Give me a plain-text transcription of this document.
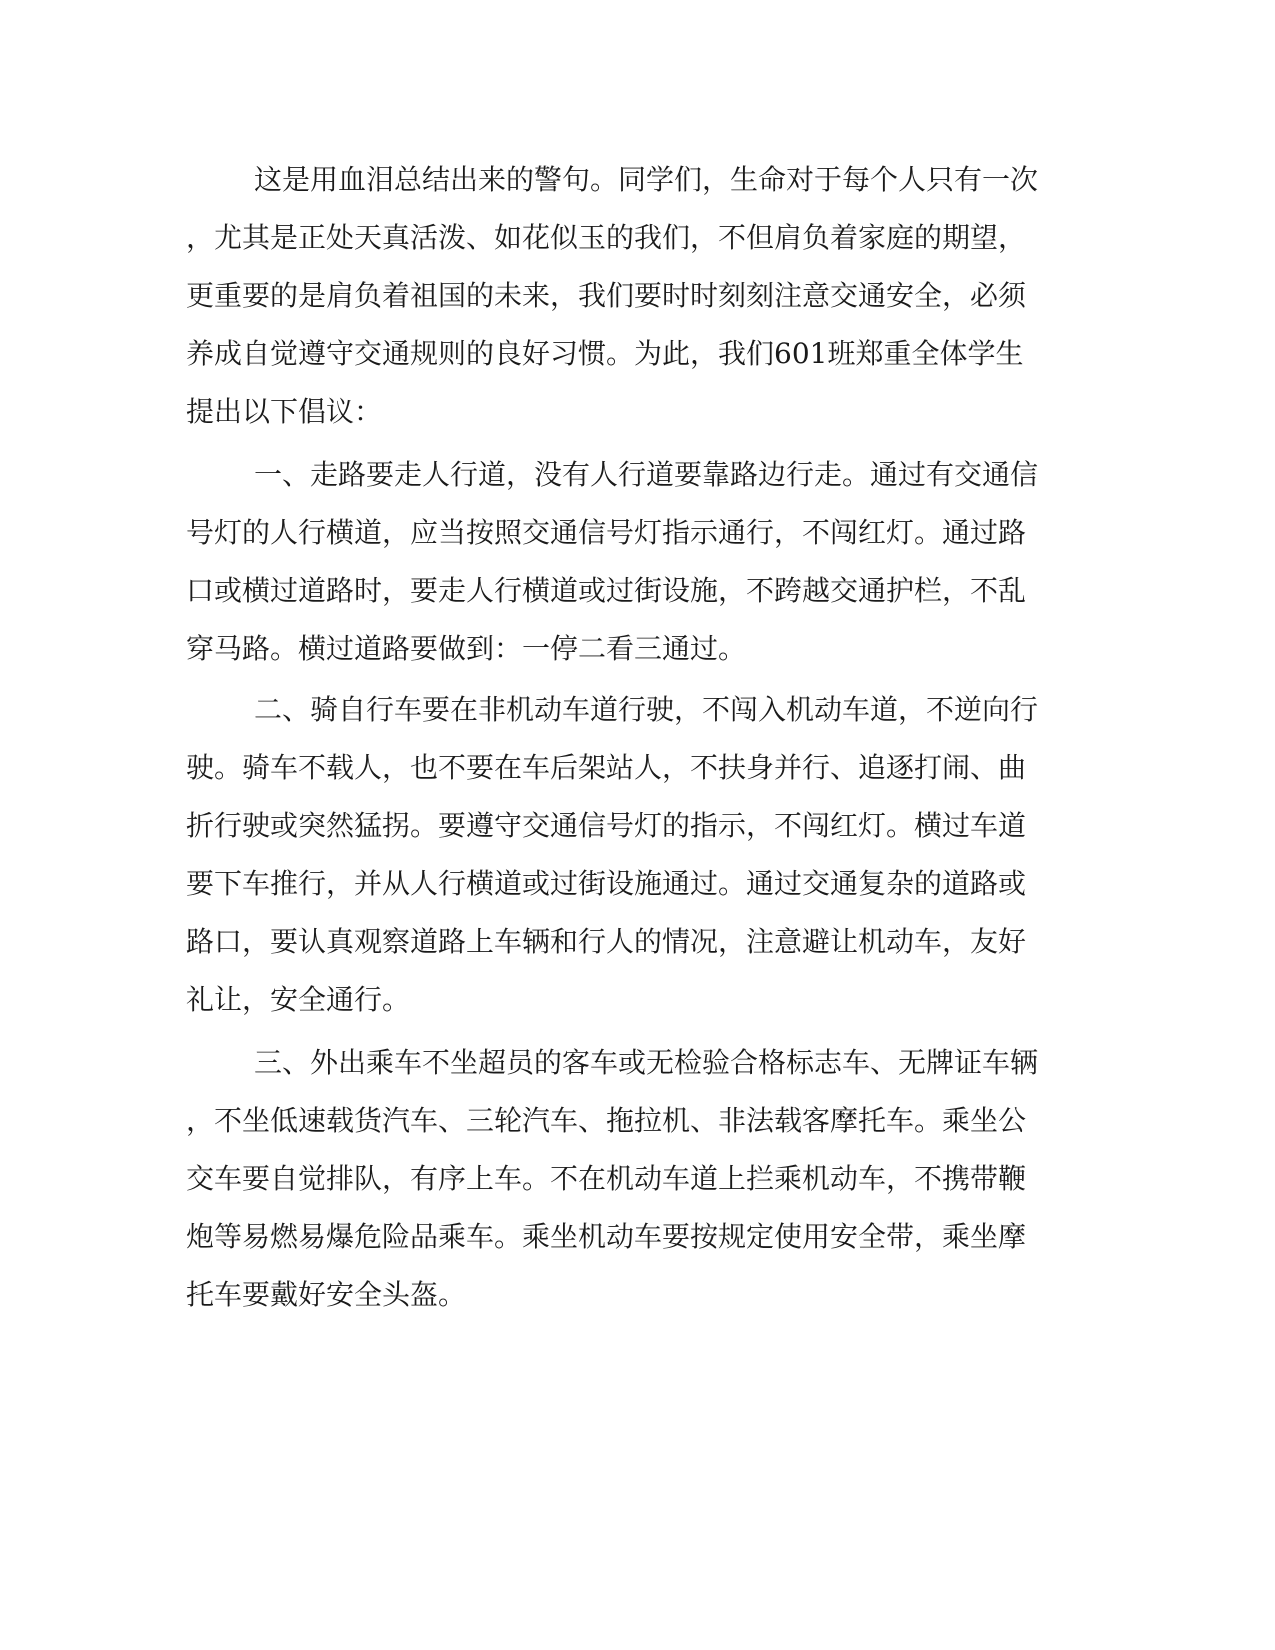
这是用血泪总结出来的警句。同学们，生命对于每个人只有一次
，尤其是正处天真活泼、如花似玉的我们，不但肩负着家庭的期望，
更重要的是肩负着祖国的未来，我们要时时刻刻注意交通安全，必须
养成自觉遵守交通规则的良好习惯。为此，我们601班郑重全体学生
提出以下倡议：
一、走路要走人行道，没有人行道要靠路边行走。通过有交通信
号灯的人行横道，应当按照交通信号灯指示通行，不闯红灯。通过路
口或横过道路时，要走人行横道或过街设施，不跨越交通护栏，不乱
穿马路。横过道路要做到：一停二看三通过。
二、骑自行车要在非机动车道行驶，不闯入机动车道，不逆向行
驶。骑车不载人，也不要在车后架站人，不扶身并行、追逐打闹、曲
折行驶或突然猛拐。要遵守交通信号灯的指示，不闯红灯。横过车道
要下车推行，并从人行横道或过街设施通过。通过交通复杂的道路或
路口，要认真观察道路上车辆和行人的情况，注意避让机动车，友好
礼让，安全通行。
三、外出乘车不坐超员的客车或无检验合格标志车、无牌证车辆
，不坐低速载货汽车、三轮汽车、拖拉机、非法载客摩托车。乘坐公
交车要自觉排队，有序上车。不在机动车道上拦乘机动车，不携带鞭
炮等易燃易爆危险品乘车。乘坐机动车要按规定使用安全带，乘坐摩
托车要戴好安全头盔。
